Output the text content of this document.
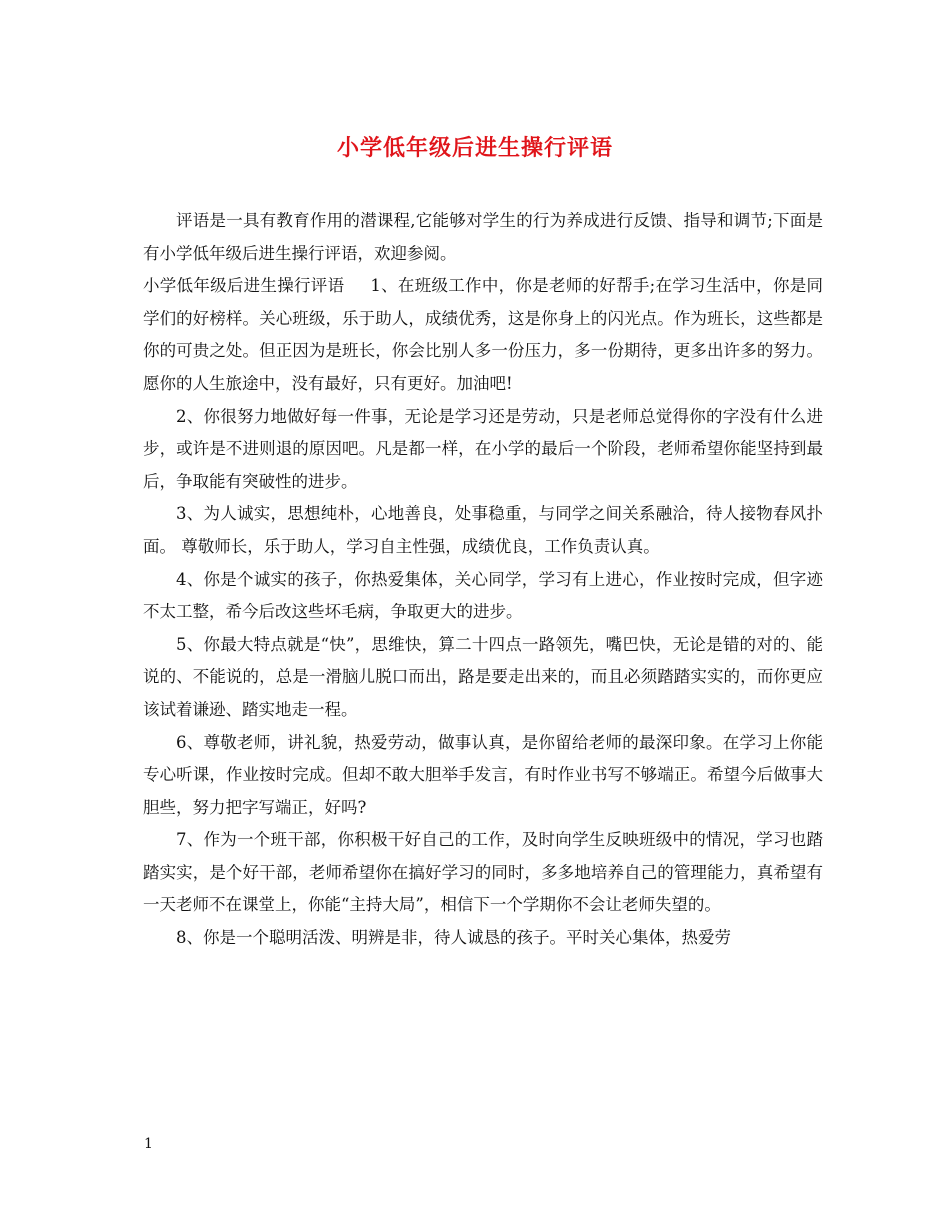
小学低年级后进生操行评语

评语是一具有教育作用的潜课程,它能够对学生的行为养成进行反馈、指导和调节;下面是有小学低年级后进生操行评语，欢迎参阅。

小学低年级后进生操行评语 1、在班级工作中，你是老师的好帮手;在学习生活中，你是同学们的好榜样。关心班级，乐于助人，成绩优秀，这是你身上的闪光点。作为班长，这些都是你的可贵之处。但正因为是班长，你会比别人多一份压力，多一份期待，更多出许多的努力。愿你的人生旅途中，没有最好，只有更好。加油吧!

2、你很努力地做好每一件事，无论是学习还是劳动，只是老师总觉得你的字没有什么进步，或许是不进则退的原因吧。凡是都一样，在小学的最后一个阶段，老师希望你能坚持到最后，争取能有突破性的进步。

3、为人诚实，思想纯朴，心地善良，处事稳重，与同学之间关系融洽，待人接物春风扑面。 尊敬师长，乐于助人，学习自主性强，成绩优良，工作负责认真。

4、你是个诚实的孩子，你热爱集体，关心同学，学习有上进心，作业按时完成，但字迹不太工整，希今后改这些坏毛病，争取更大的进步。

5、你最大特点就是“快”，思维快，算二十四点一路领先，嘴巴快，无论是错的对的、能说的、不能说的，总是一滑脑儿脱口而出，路是要走出来的，而且必须踏踏实实的，而你更应该试着谦逊、踏实地走一程。

6、尊敬老师，讲礼貌，热爱劳动，做事认真，是你留给老师的最深印象。在学习上你能专心听课，作业按时完成。但却不敢大胆举手发言，有时作业书写不够端正。希望今后做事大胆些，努力把字写端正，好吗?

7、作为一个班干部，你积极干好自己的工作，及时向学生反映班级中的情况，学习也踏踏实实，是个好干部，老师希望你在搞好学习的同时，多多地培养自己的管理能力，真希望有一天老师不在课堂上，你能“主持大局”，相信下一个学期你不会让老师失望的。

8、你是一个聪明活泼、明辨是非，待人诚恳的孩子。平时关心集体，热爱劳

1
